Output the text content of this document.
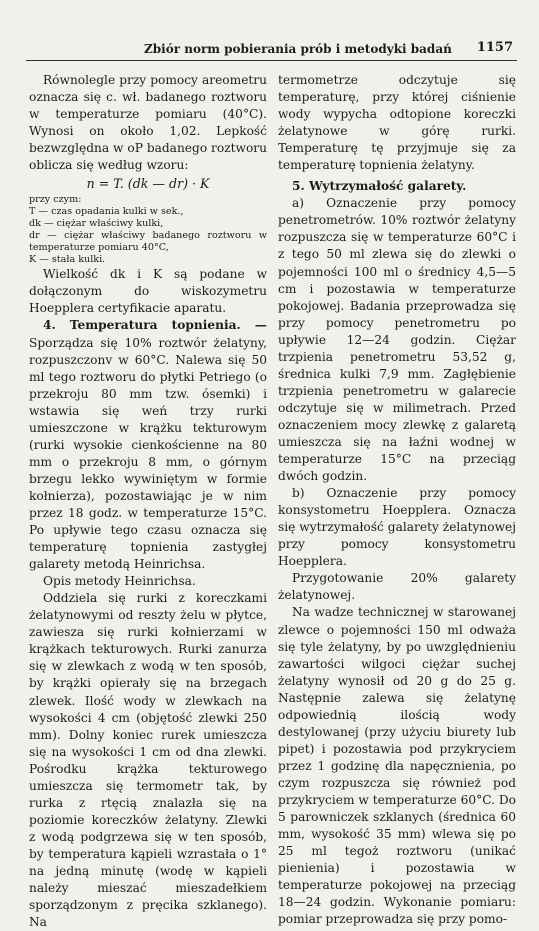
Zbiór norm pobierania prób i metodyki badań 1157

Równolegle przy pomocy areometru oznacza się c. wł. badanego roztworu w temperaturze pomiaru (40°C). Wynosi on około 1,02. Lepkość bezwzględna w oP badanego roztworu oblicza się według wzoru:

n = T. (dk — dr) · K

przy czym:

T — czas opadania kulki w sek.,

dk — ciężar właściwy kulki,

dr — ciężar właściwy badanego roztworu w temperaturze pomiaru 40°C,

K — stała kulki.

Wielkość dk i K są podane w dołączonym do wiskozymetru Hoepplera certyfikacie aparatu.

4. Temperatura topnienia. — Sporządza się 10% roztwór żelatyny, rozpuszczonv w 60°C. Nalewa się 50 ml tego roztworu do płytki Petriego (o przekroju 80 mm tzw. ósemki) i wstawia się weń trzy rurki umieszczone w krążku tekturowym (rurki wysokie cienkościenne na 80 mm o przekroju 8 mm, o górnym brzegu lekko wywiniętym w formie kołnierza), pozostawiając je w nim przez 18 godz. w temperaturze 15°C. Po upływie tego czasu oznacza się temperaturę topnienia zastygłej galarety metodą Heinrichsa.

Opis metody Heinrichsa.

Oddziela się rurki z koreczkami żelatynowymi od reszty żelu w płytce, zawiesza się rurki kołnierzami w krążkach tekturowych. Rurki zanurza się w zlewkach z wodą w ten sposób, by krążki opierały się na brzegach zlewek. Ilość wody w zlewkach na wysokości 4 cm (objętość zlewki 250 mm). Dolny koniec rurek umieszcza się na wysokości 1 cm od dna zlewki. Pośrodku krążka tekturowego umieszcza się termometr tak, by rurka z rtęcią znalazła się na poziomie koreczków żelatyny. Zlewki z wodą podgrzewa się w ten sposób, by temperatura kąpieli wzrastała o 1° na jedną minutę (wodę w kąpieli należy mieszać mieszadełkiem sporządzonym z pręcika szklanego). Na

termometrze odczytuje się temperaturę, przy której ciśnienie wody wypycha odtopione koreczki żelatynowe w górę rurki. Temperaturę tę przyjmuje się za temperaturę topnienia żelatyny.

5. Wytrzymałość galarety.

a) Oznaczenie przy pomocy penetrometrów. 10% roztwór żelatyny rozpuszcza się w temperaturze 60°C i z tego 50 ml zlewa się do zlewki o pojemności 100 ml o średnicy 4,5—5 cm i pozostawia w temperaturze pokojowej. Badania przeprowadza się przy pomocy penetrometru po upływie 12—24 godzin. Ciężar trzpienia penetrometru 53,52 g, średnica kulki 7,9 mm. Zagłębienie trzpienia penetrometru w galarecie odczytuje się w milimetrach. Przed oznaczeniem mocy zlewkę z galaretą umieszcza się na łaźni wodnej w temperaturze 15°C na przeciąg dwóch godzin.

b) Oznaczenie przy pomocy konsystometru Hoepplera. Oznacza się wytrzymałość galarety żelatynowej przy pomocy konsystometru Hoepplera.

Przygotowanie 20% galarety żelatynowej.

Na wadze technicznej w starowanej zlewce o pojemności 150 ml odważa się tyle żelatyny, by po uwzględnieniu zawartości wilgoci ciężar suchej żelatyny wynosił od 20 g do 25 g. Następnie zalewa się żelatynę odpowiednią ilością wody destylowanej (przy użyciu biurety lub pipet) i pozostawia pod przykryciem przez 1 godzinę dla napęcznienia, po czym rozpuszcza się również pod przykryciem w temperaturze 60°C. Do 5 parowniczek szklanych (średnica 60 mm, wysokość 35 mm) wlewa się po 25 ml tegoż roztworu (unikać pienienia) i pozostawia w temperaturze pokojowej na przeciąg 18—24 godzin. Wykonanie pomiaru: pomiar przeprowadza się przy pomo-
